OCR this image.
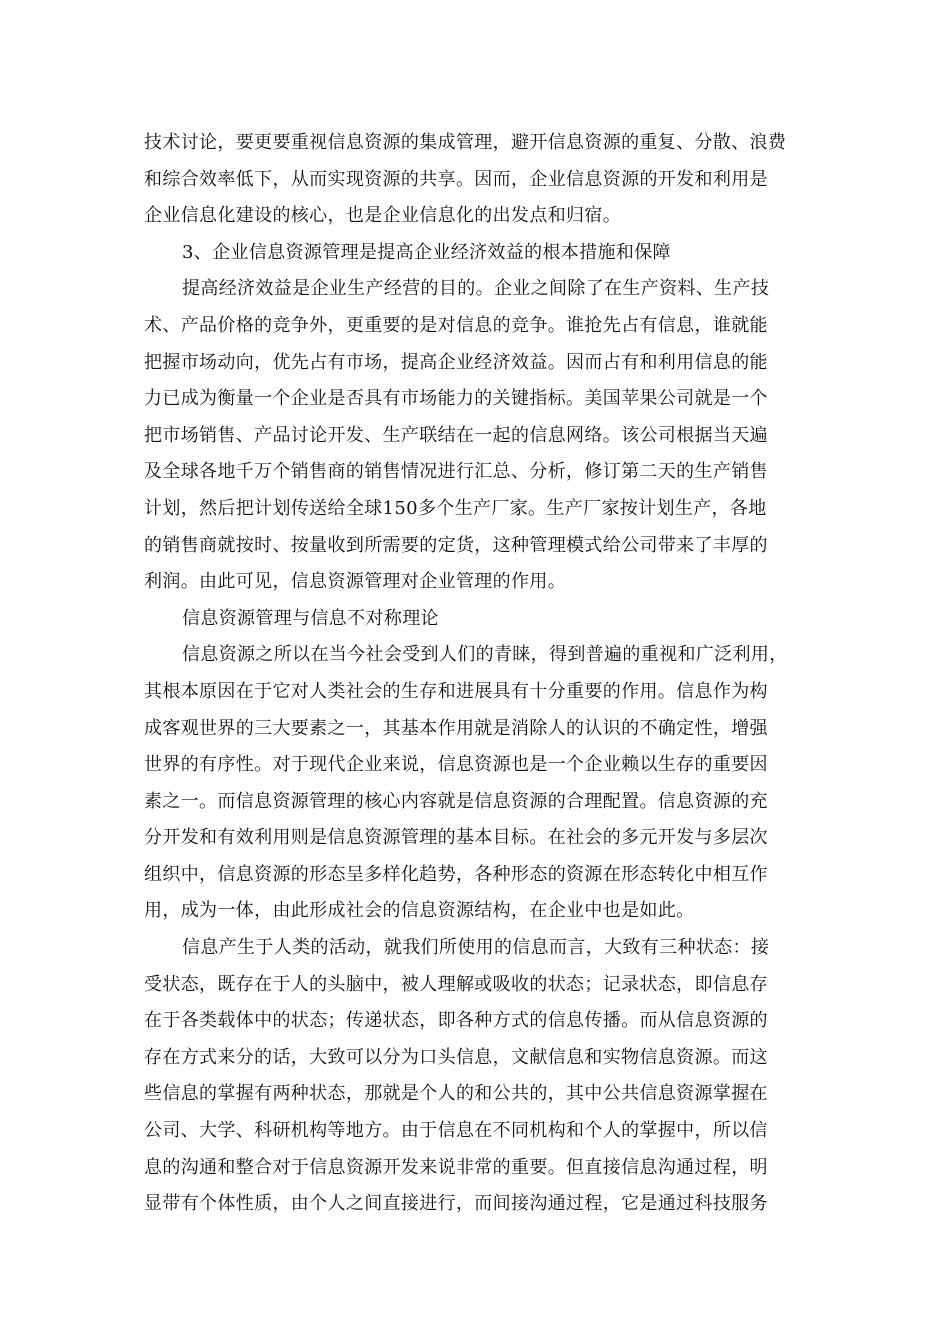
技术讨论，要更要重视信息资源的集成管理，避开信息资源的重复、分散、浪费
和综合效率低下，从而实现资源的共享。因而，企业信息资源的开发和利用是
企业信息化建设的核心，也是企业信息化的出发点和归宿。
3、企业信息资源管理是提高企业经济效益的根本措施和保障
提高经济效益是企业生产经营的目的。企业之间除了在生产资料、生产技
术、产品价格的竞争外，更重要的是对信息的竞争。谁抢先占有信息，谁就能
把握市场动向，优先占有市场，提高企业经济效益。因而占有和利用信息的能
力已成为衡量一个企业是否具有市场能力的关键指标。美国苹果公司就是一个
把市场销售、产品讨论开发、生产联结在一起的信息网络。该公司根据当天遍
及全球各地千万个销售商的销售情况进行汇总、分析，修订第二天的生产销售
计划，然后把计划传送给全球150多个生产厂家。生产厂家按计划生产，各地
的销售商就按时、按量收到所需要的定货，这种管理模式给公司带来了丰厚的
利润。由此可见，信息资源管理对企业管理的作用。
信息资源管理与信息不对称理论
信息资源之所以在当今社会受到人们的青睐，得到普遍的重视和广泛利用，
其根本原因在于它对人类社会的生存和进展具有十分重要的作用。信息作为构
成客观世界的三大要素之一，其基本作用就是消除人的认识的不确定性，增强
世界的有序性。对于现代企业来说，信息资源也是一个企业赖以生存的重要因
素之一。而信息资源管理的核心内容就是信息资源的合理配置。信息资源的充
分开发和有效利用则是信息资源管理的基本目标。在社会的多元开发与多层次
组织中，信息资源的形态呈多样化趋势，各种形态的资源在形态转化中相互作
用，成为一体，由此形成社会的信息资源结构，在企业中也是如此。
信息产生于人类的活动，就我们所使用的信息而言，大致有三种状态：接
受状态，既存在于人的头脑中，被人理解或吸收的状态；记录状态，即信息存
在于各类载体中的状态；传递状态，即各种方式的信息传播。而从信息资源的
存在方式来分的话，大致可以分为口头信息，文献信息和实物信息资源。而这
些信息的掌握有两种状态，那就是个人的和公共的，其中公共信息资源掌握在
公司、大学、科研机构等地方。由于信息在不同机构和个人的掌握中，所以信
息的沟通和整合对于信息资源开发来说非常的重要。但直接信息沟通过程，明
显带有个体性质，由个人之间直接进行，而间接沟通过程，它是通过科技服务
